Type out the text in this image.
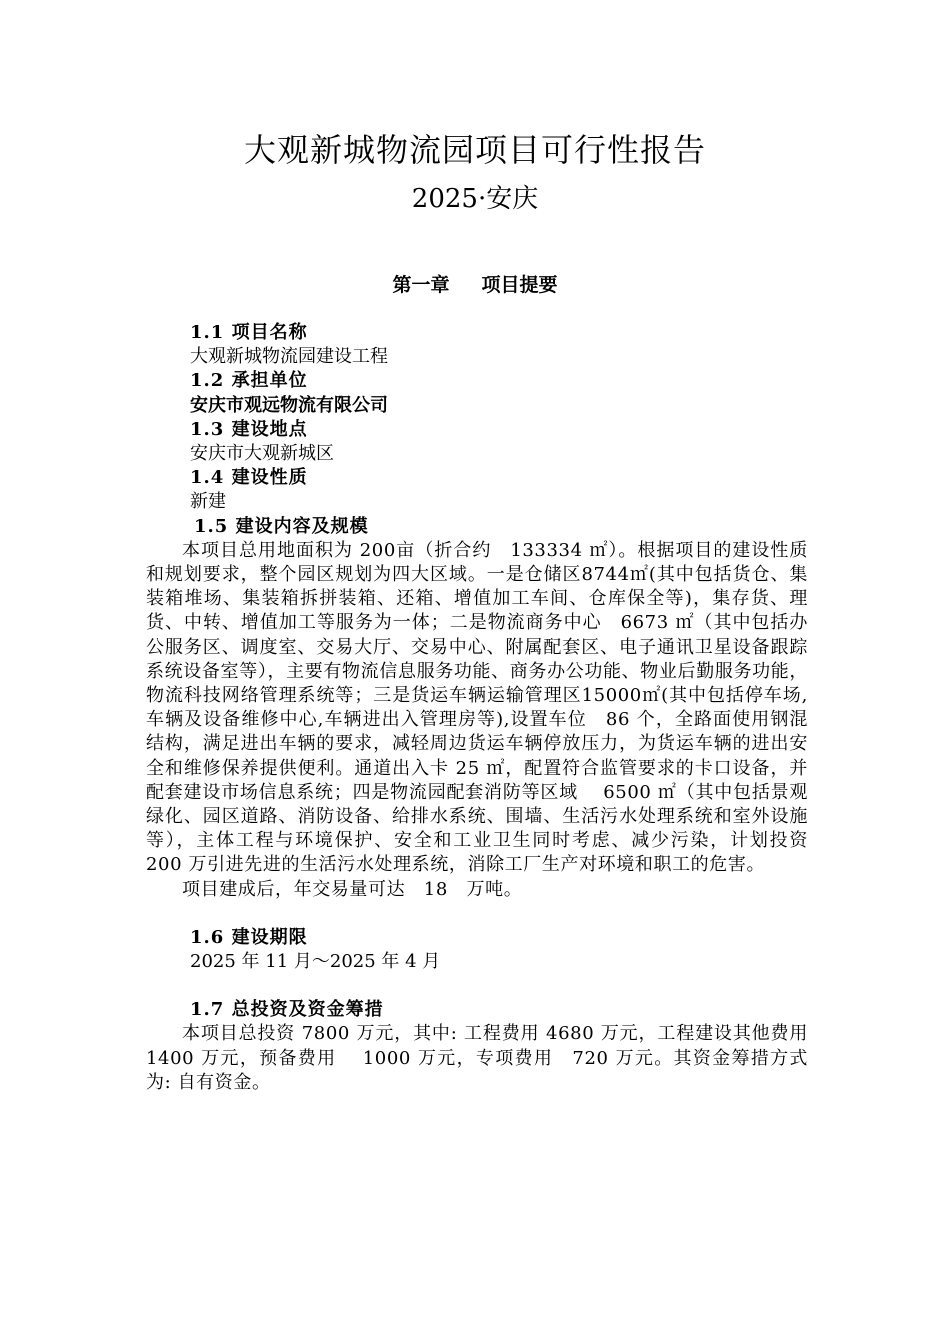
大观新城物流园项目可行性报告
2025·安庆
第一章 项目提要

1.1 项目名称

大观新城物流园建设工程

1.2 承担单位

安庆市观远物流有限公司

1.3 建设地点

安庆市大观新城区

1.4 建设性质

新建

1.5 建设内容及规模

本项目总用地面积为 200亩（折合约　133334 ㎡）。根据项目的建设性质和规划要求，整个园区规划为四大区域。一是仓储区8744㎡(其中包括货仓、集装箱堆场、集装箱拆拼装箱、还箱、增值加工车间、仓库保全等)，集存货、理货、中转、增值加工等服务为一体；二是物流商务中心　6673 ㎡（其中包括办公服务区、调度室、交易大厅、交易中心、附属配套区、电子通讯卫星设备跟踪系统设备室等），主要有物流信息服务功能、商务办公功能、物业后勤服务功能，物流科技网络管理系统等；三是货运车辆运输管理区15000㎡(其中包括停车场,车辆及设备维修中心,车辆进出入管理房等),设置车位　86 个，全路面使用钢混结构，满足进出车辆的要求，减轻周边货运车辆停放压力，为货运车辆的进出安全和维修保养提供便利。通道出入卡 25 ㎡，配置符合监管要求的卡口设备，并配套建设市场信息系统；四是物流园配套消防等区域　 6500 ㎡（其中包括景观绿化、园区道路、消防设备、给排水系统、围墙、生活污水处理系统和室外设施等），主体工程与环境保护、安全和工业卫生同时考虑、减少污染，计划投资 200 万引进先进的生活污水处理系统，消除工厂生产对环境和职工的危害。

项目建成后，年交易量可达　18　万吨。

1.6 建设期限

2025 年 11 月～2025 年 4 月

1.7 总投资及资金筹措

本项目总投资 7800 万元，其中: 工程费用 4680 万元，工程建设其他费用 1400 万元，预备费用　 1000 万元，专项费用　720 万元。其资金筹措方式为: 自有资金。
